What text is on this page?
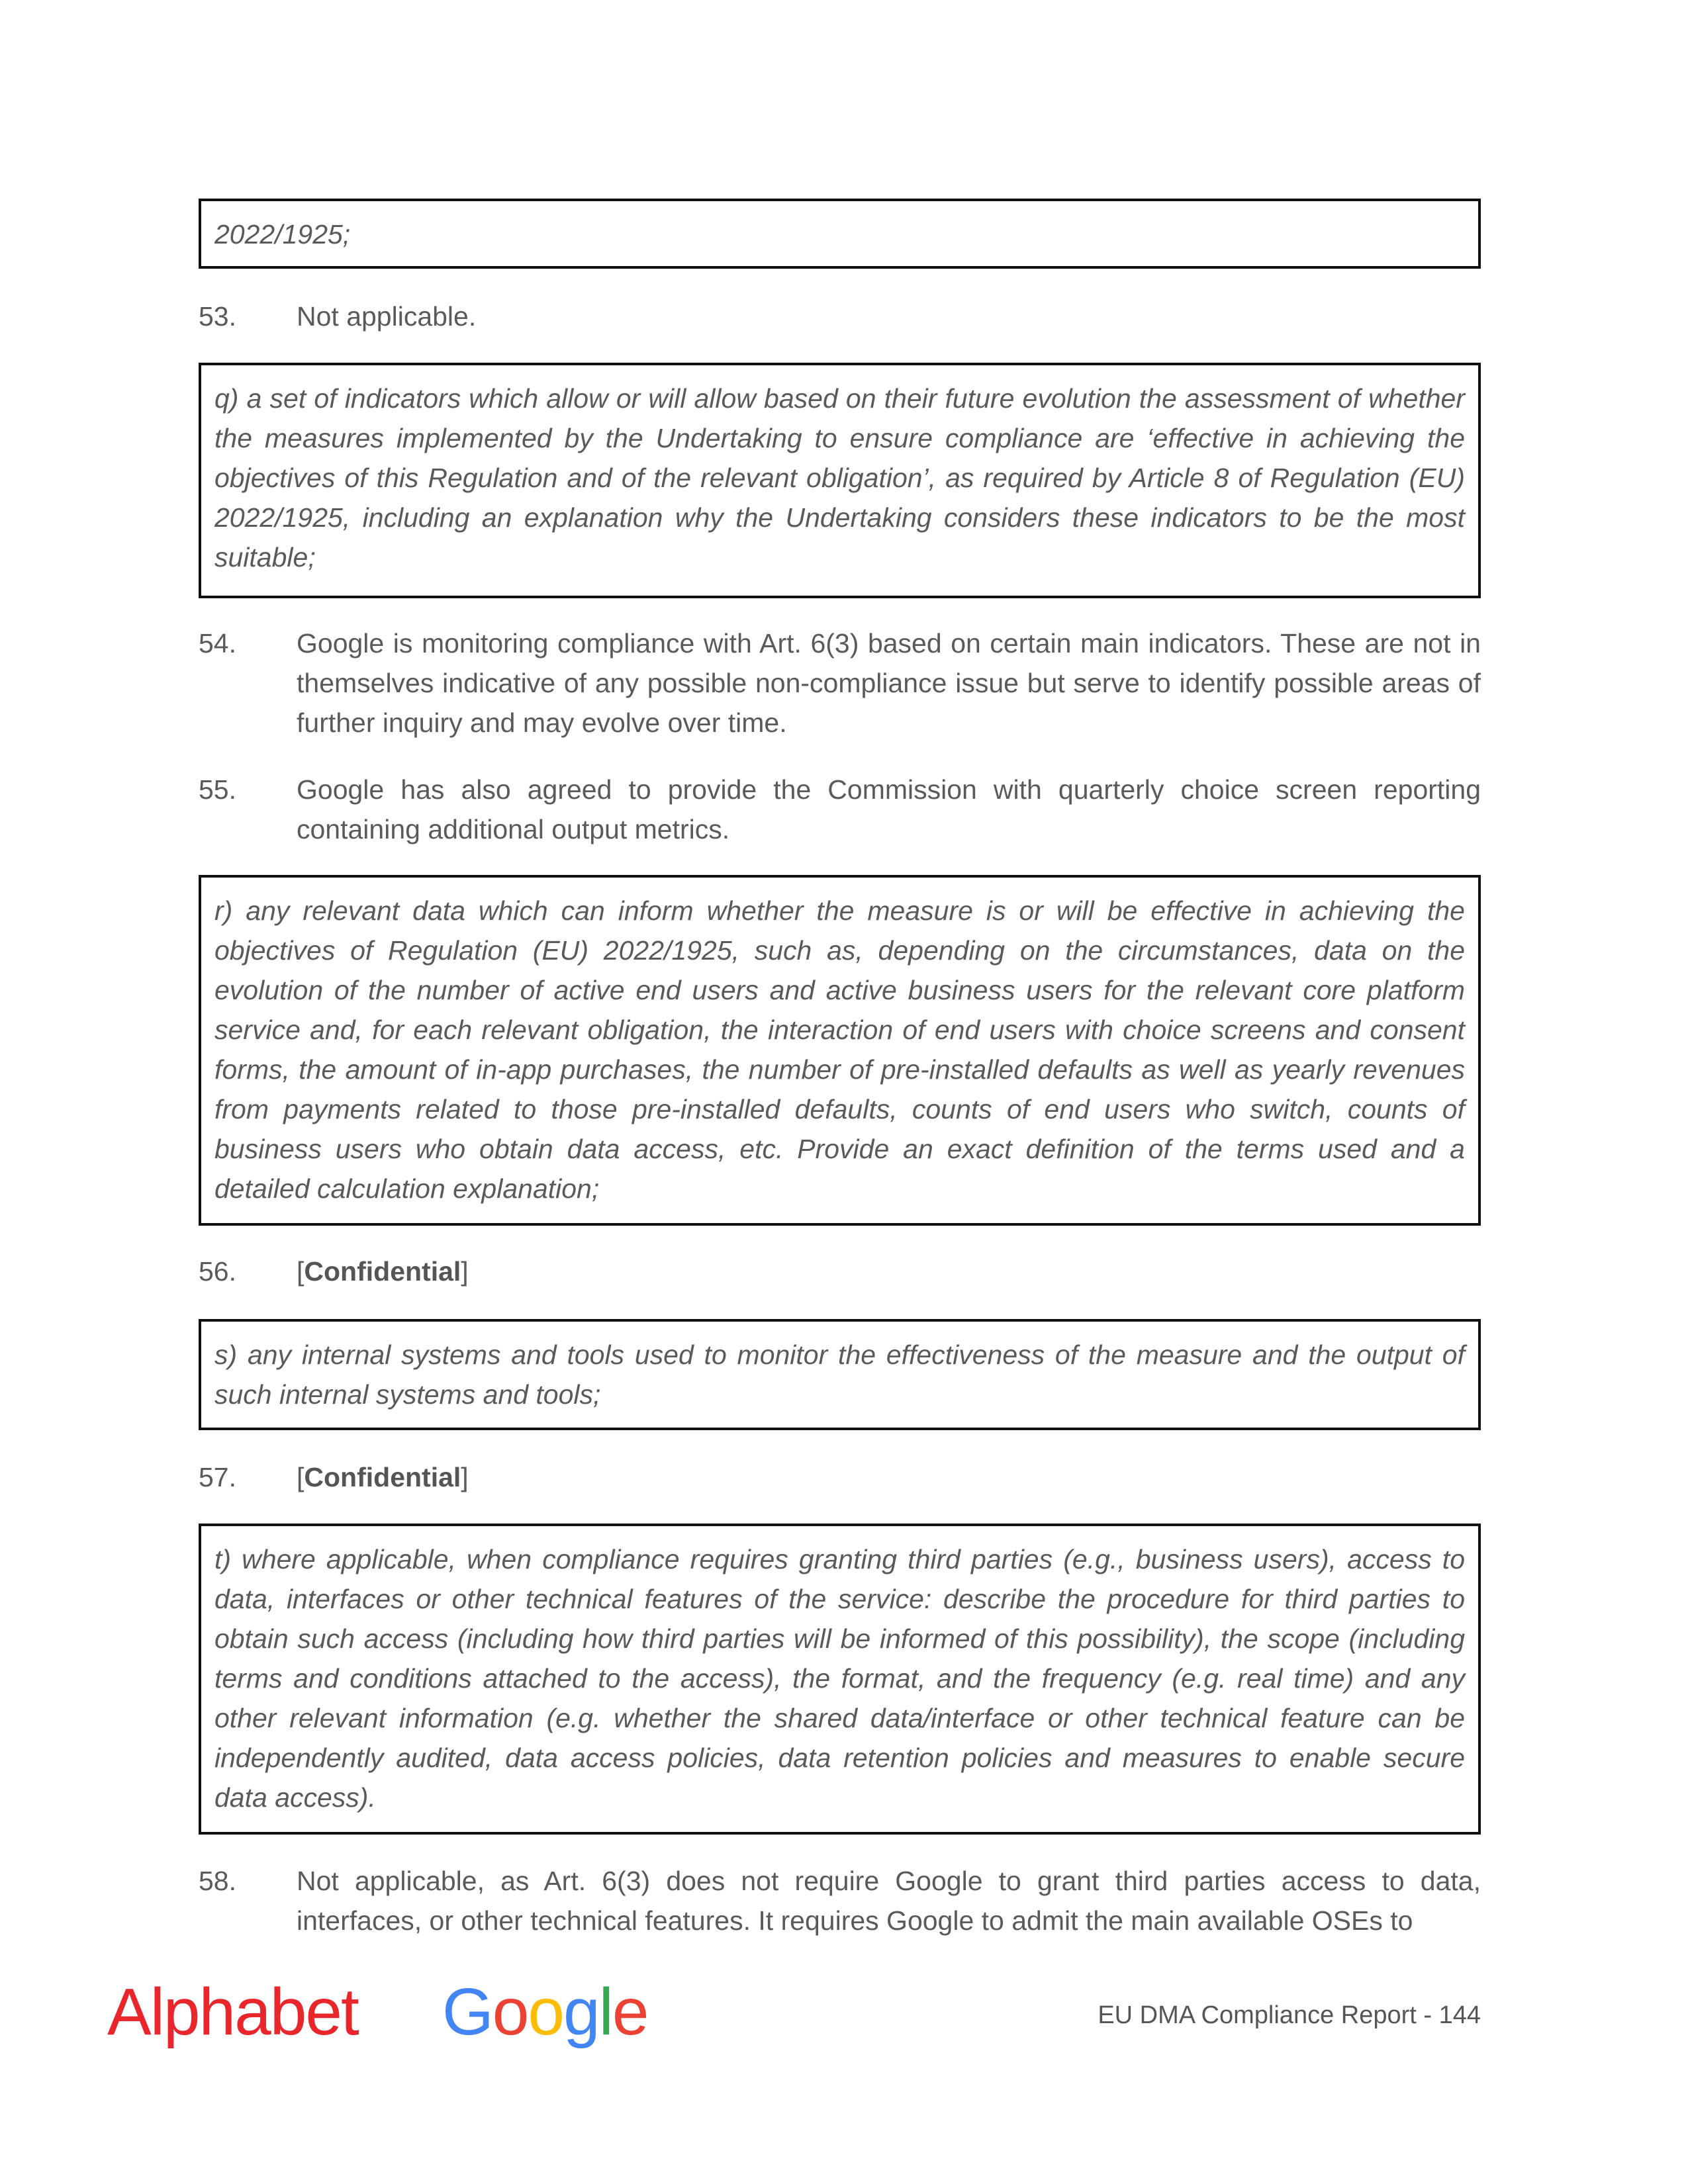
2022/1925;
53.	Not applicable.
q) a set of indicators which allow or will allow based on their future evolution the assessment of whether the measures implemented by the Undertaking to ensure compliance are ‘effective in achieving the objectives of this Regulation and of the relevant obligation’, as required by Article 8 of Regulation (EU) 2022/1925, including an explanation why the Undertaking considers these indicators to be the most suitable;
54.	Google is monitoring compliance with Art. 6(3) based on certain main indicators. These are not in themselves indicative of any possible non-compliance issue but serve to identify possible areas of further inquiry and may evolve over time.
55.	Google has also agreed to provide the Commission with quarterly choice screen reporting containing additional output metrics.
r) any relevant data which can inform whether the measure is or will be effective in achieving the objectives of Regulation (EU) 2022/1925, such as, depending on the circumstances, data on the evolution of the number of active end users and active business users for the relevant core platform service and, for each relevant obligation, the interaction of end users with choice screens and consent forms, the amount of in-app purchases, the number of pre-installed defaults as well as yearly revenues from payments related to those pre-installed defaults, counts of end users who switch, counts of business users who obtain data access, etc. Provide an exact definition of the terms used and a detailed calculation explanation;
56.	[Confidential]
s) any internal systems and tools used to monitor the effectiveness of the measure and the output of such internal systems and tools;
57.	[Confidential]
t) where applicable, when compliance requires granting third parties (e.g., business users), access to data, interfaces or other technical features of the service: describe the procedure for third parties to obtain such access (including how third parties will be informed of this possibility), the scope (including terms and conditions attached to the access), the format, and the frequency (e.g. real time) and any other relevant information (e.g. whether the shared data/interface or other technical feature can be independently audited, data access policies, data retention policies and measures to enable secure data access).
58.	Not applicable, as Art. 6(3) does not require Google to grant third parties access to data, interfaces, or other technical features. It requires Google to admit the main available OSEs to
Alphabet Google	EU DMA Compliance Report - 144
